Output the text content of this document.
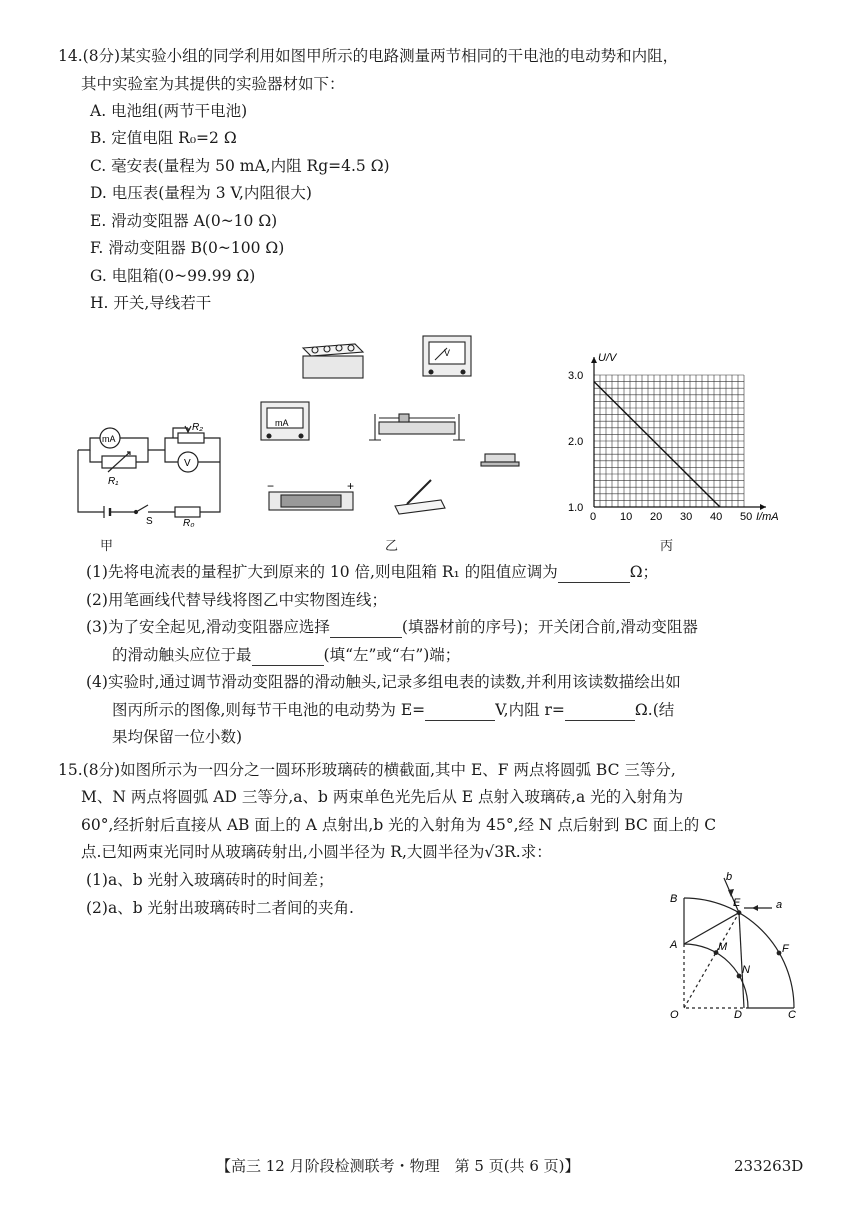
14.(8分)某实验小组的同学利用如图甲所示的电路测量两节相同的干电池的电动势和内阻，
其中实验室为其提供的实验器材如下：
A. 电池组(两节干电池)
B. 定值电阻 R₀=2 Ω
C. 毫安表(量程为 50 mA,内阻 Rg=4.5 Ω)
D. 电压表(量程为 3 V,内阻很大)
E. 滑动变阻器 A(0~10 Ω)
F. 滑动变阻器 B(0~100 Ω)
G. 电阻箱(0~99.99 Ω)
H. 开关,导线若干
mA
V
R₁
R₂
S	R₀
甲
mA
V
−	+
乙
0 10 20 30 40 50
1.0
2.0
3.0
I/mA
U/V
丙
(1)先将电流表的量程扩大到原来的 10 倍,则电阻箱 R₁ 的阻值应调为	Ω；
(2)用笔画线代替导线将图乙中实物图连线；
(3)为了安全起见,滑动变阻器应选择	(填器材前的序号)；开关闭合前,滑动变阻器
的滑动触头应位于最	(填“左”或“右”)端；
(4)实验时,通过调节滑动变阻器的滑动触头,记录多组电表的读数,并利用该读数描绘出如
图丙所示的图像,则每节干电池的电动势为 E=	V,内阻 r=	Ω.(结
果均保留一位小数)
15.(8分)如图所示为一四分之一圆环形玻璃砖的横截面,其中 E、F 两点将圆弧 BC 三等分,
M、N 两点将圆弧 AD 三等分,a、b 两束单色光先后从 E 点射入玻璃砖,a 光的入射角为
60°,经折射后直接从 AB 面上的 A 点射出,b 光的入射角为 45°,经 N 点后射到 BC 面上的 C
点.已知两束光同时从玻璃砖射出,小圆半径为 R,大圆半径为√3R.求：
(1)a、b 光射入玻璃砖时的时间差；
(2)a、b 光射出玻璃砖时二者间的夹角.	B	E	a
b
A	M	F
N
O	D	C
【高三 12 月阶段检测联考・物理　第 5 页(共 6 页)】	233263D
